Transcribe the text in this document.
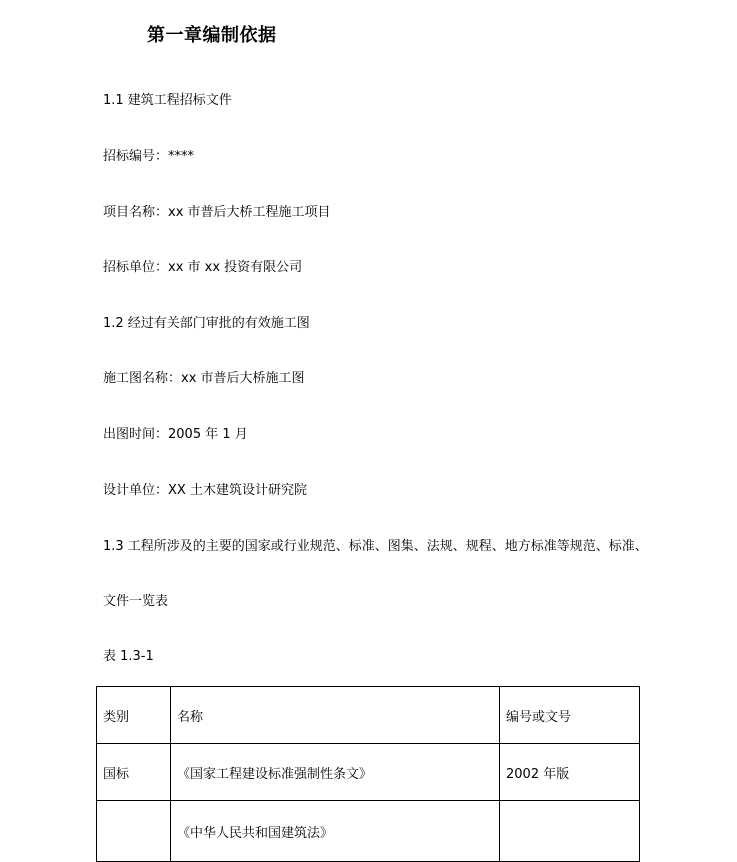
第一章编制依据
1.1 建筑工程招标文件
招标编号：****
项目名称：xx 市普后大桥工程施工项目
招标单位：xx 市 xx 投资有限公司
1.2 经过有关部门审批的有效施工图
施工图名称：xx 市普后大桥施工图
出图时间：2005 年 1 月
设计单位：XX 土木建筑设计研究院
1.3 工程所涉及的主要的国家或行业规范、标准、图集、法规、规程、地方标准等规范、标准、
文件一览表
表 1.3-1
类别	名称	编号或文号
国标	《国家工程建设标准强制性条文》	2002 年版
	《中华人民共和国建筑法》	
